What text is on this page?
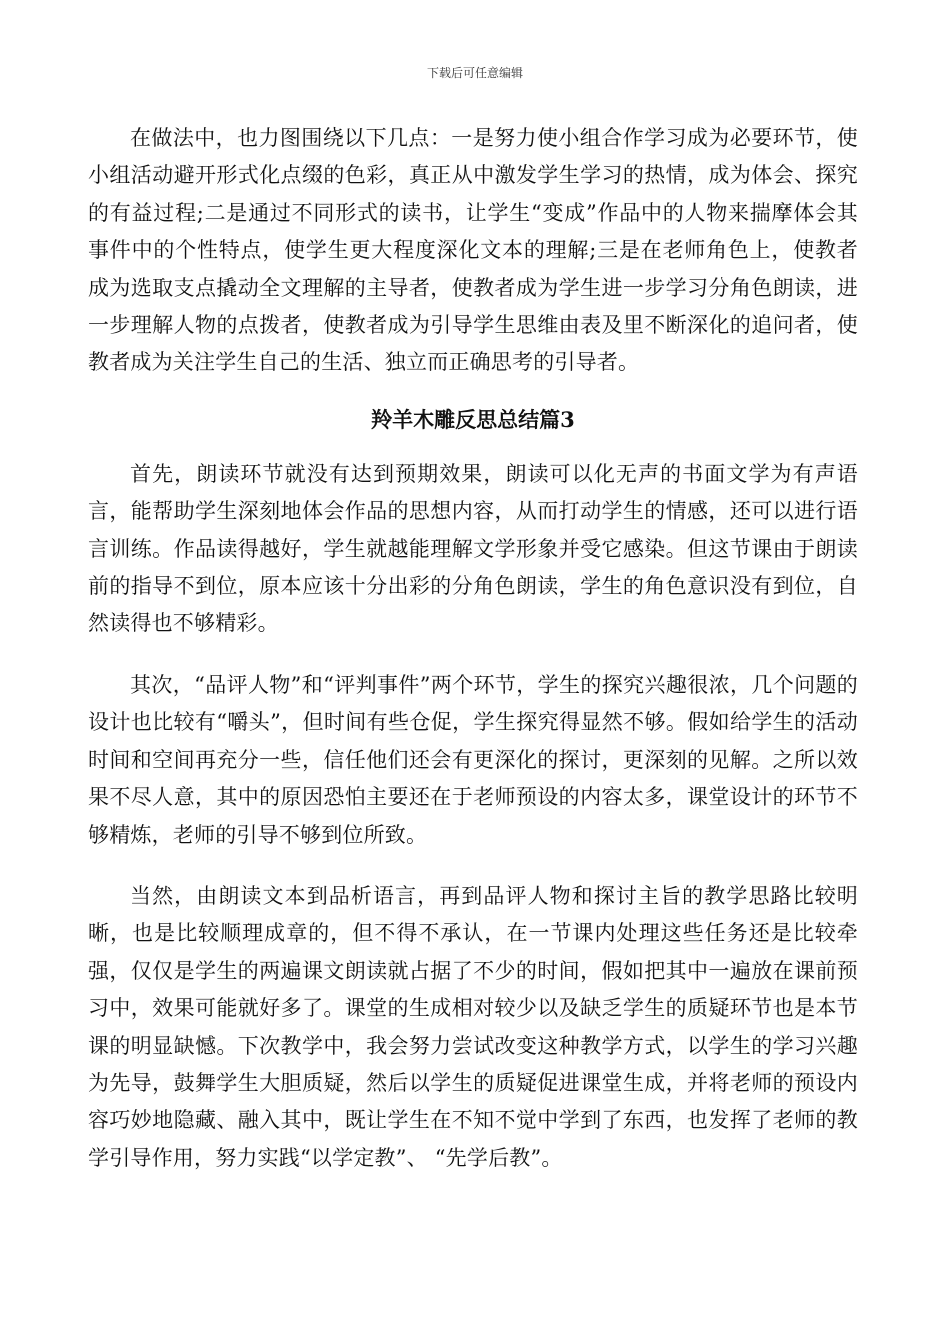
下载后可任意编辑

在做法中，也力图围绕以下几点：一是努力使小组合作学习成为必要环节，使小组活动避开形式化点缀的色彩，真正从中激发学生学习的热情，成为体会、探究的有益过程;二是通过不同形式的读书，让学生“变成”作品中的人物来揣摩体会其事件中的个性特点，使学生更大程度深化文本的理解;三是在老师角色上，使教者成为选取支点撬动全文理解的主导者，使教者成为学生进一步学习分角色朗读，进一步理解人物的点拨者，使教者成为引导学生思维由表及里不断深化的追问者，使教者成为关注学生自己的生活、独立而正确思考的引导者。

羚羊木雕反思总结篇3

首先，朗读环节就没有达到预期效果，朗读可以化无声的书面文学为有声语言，能帮助学生深刻地体会作品的思想内容，从而打动学生的情感，还可以进行语言训练。作品读得越好，学生就越能理解文学形象并受它感染。但这节课由于朗读前的指导不到位，原本应该十分出彩的分角色朗读，学生的角色意识没有到位，自然读得也不够精彩。

其次，“品评人物”和“评判事件”两个环节，学生的探究兴趣很浓，几个问题的设计也比较有“嚼头”，但时间有些仓促，学生探究得显然不够。假如给学生的活动时间和空间再充分一些，信任他们还会有更深化的探讨，更深刻的见解。之所以效果不尽人意，其中的原因恐怕主要还在于老师预设的内容太多，课堂设计的环节不够精炼，老师的引导不够到位所致。

当然，由朗读文本到品析语言，再到品评人物和探讨主旨的教学思路比较明晰，也是比较顺理成章的，但不得不承认，在一节课内处理这些任务还是比较牵强，仅仅是学生的两遍课文朗读就占据了不少的时间，假如把其中一遍放在课前预习中，效果可能就好多了。课堂的生成相对较少以及缺乏学生的质疑环节也是本节课的明显缺憾。下次教学中，我会努力尝试改变这种教学方式，以学生的学习兴趣为先导，鼓舞学生大胆质疑，然后以学生的质疑促进课堂生成，并将老师的预设内容巧妙地隐藏、融入其中，既让学生在不知不觉中学到了东西，也发挥了老师的教学引导作用，努力实践“以学定教”、 “先学后教”。
